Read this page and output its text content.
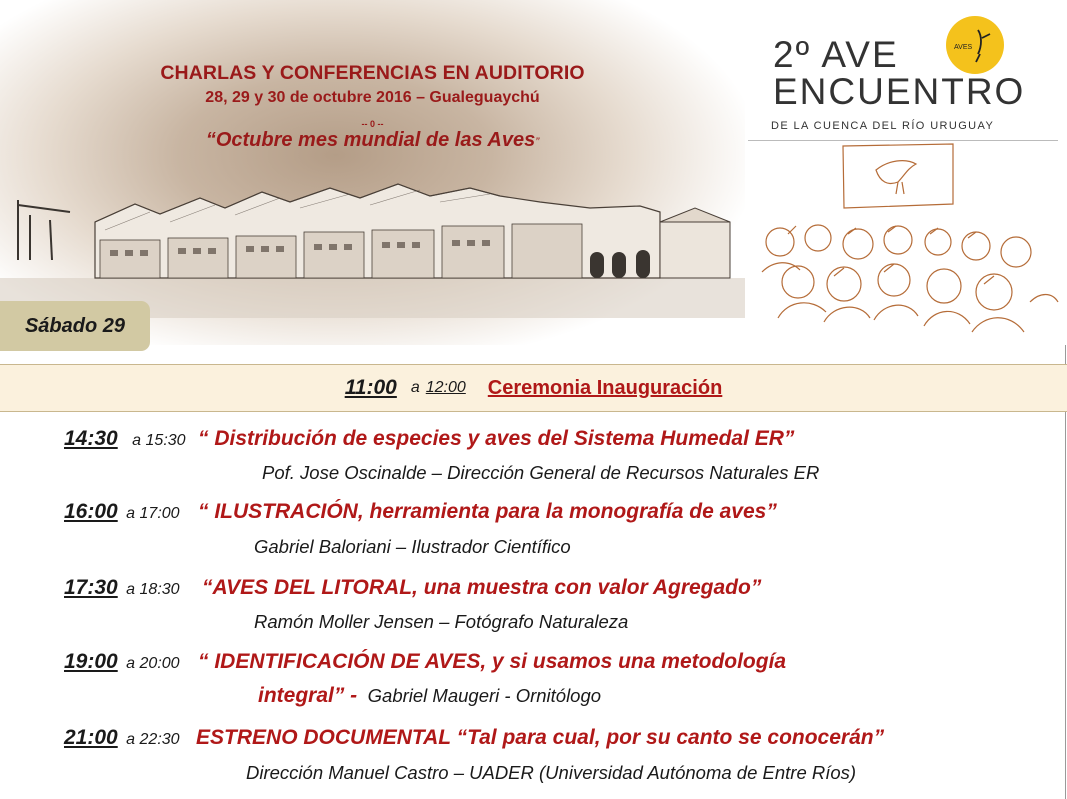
CHARLAS Y CONFERENCIAS EN AUDITORIO
28, 29 y 30 de octubre 2016 – Gualeguaychú
-- 0 --
“Octubre mes mundial de las Aves”
Sábado 29
AVES
2º AVE
ENCUENTRO
DE LA CUENCA DEL RÍO URUGUAY
11:00 a 12:00 Ceremonia Inauguración
14:30 a 15:30 “ Distribución de especies y aves del Sistema Humedal ER”
Pof. Jose Oscinalde – Dirección General de Recursos Naturales ER
16:00 a 17:00 “ ILUSTRACIÓN, herramienta para la monografía de aves”
Gabriel Baloriani – Ilustrador Científico
17:30 a 18:30 “AVES DEL LITORAL, una muestra con valor Agregado”
Ramón Moller Jensen – Fotógrafo Naturaleza
19:00 a 20:00 “ IDENTIFICACIÓN DE AVES, y si usamos una metodología
integral” - Gabriel Maugeri - Ornitólogo
21:00 a 22:30 ESTRENO DOCUMENTAL “Tal para cual, por su canto se conocerán”
Dirección Manuel Castro – UADER (Universidad Autónoma de Entre Ríos)
